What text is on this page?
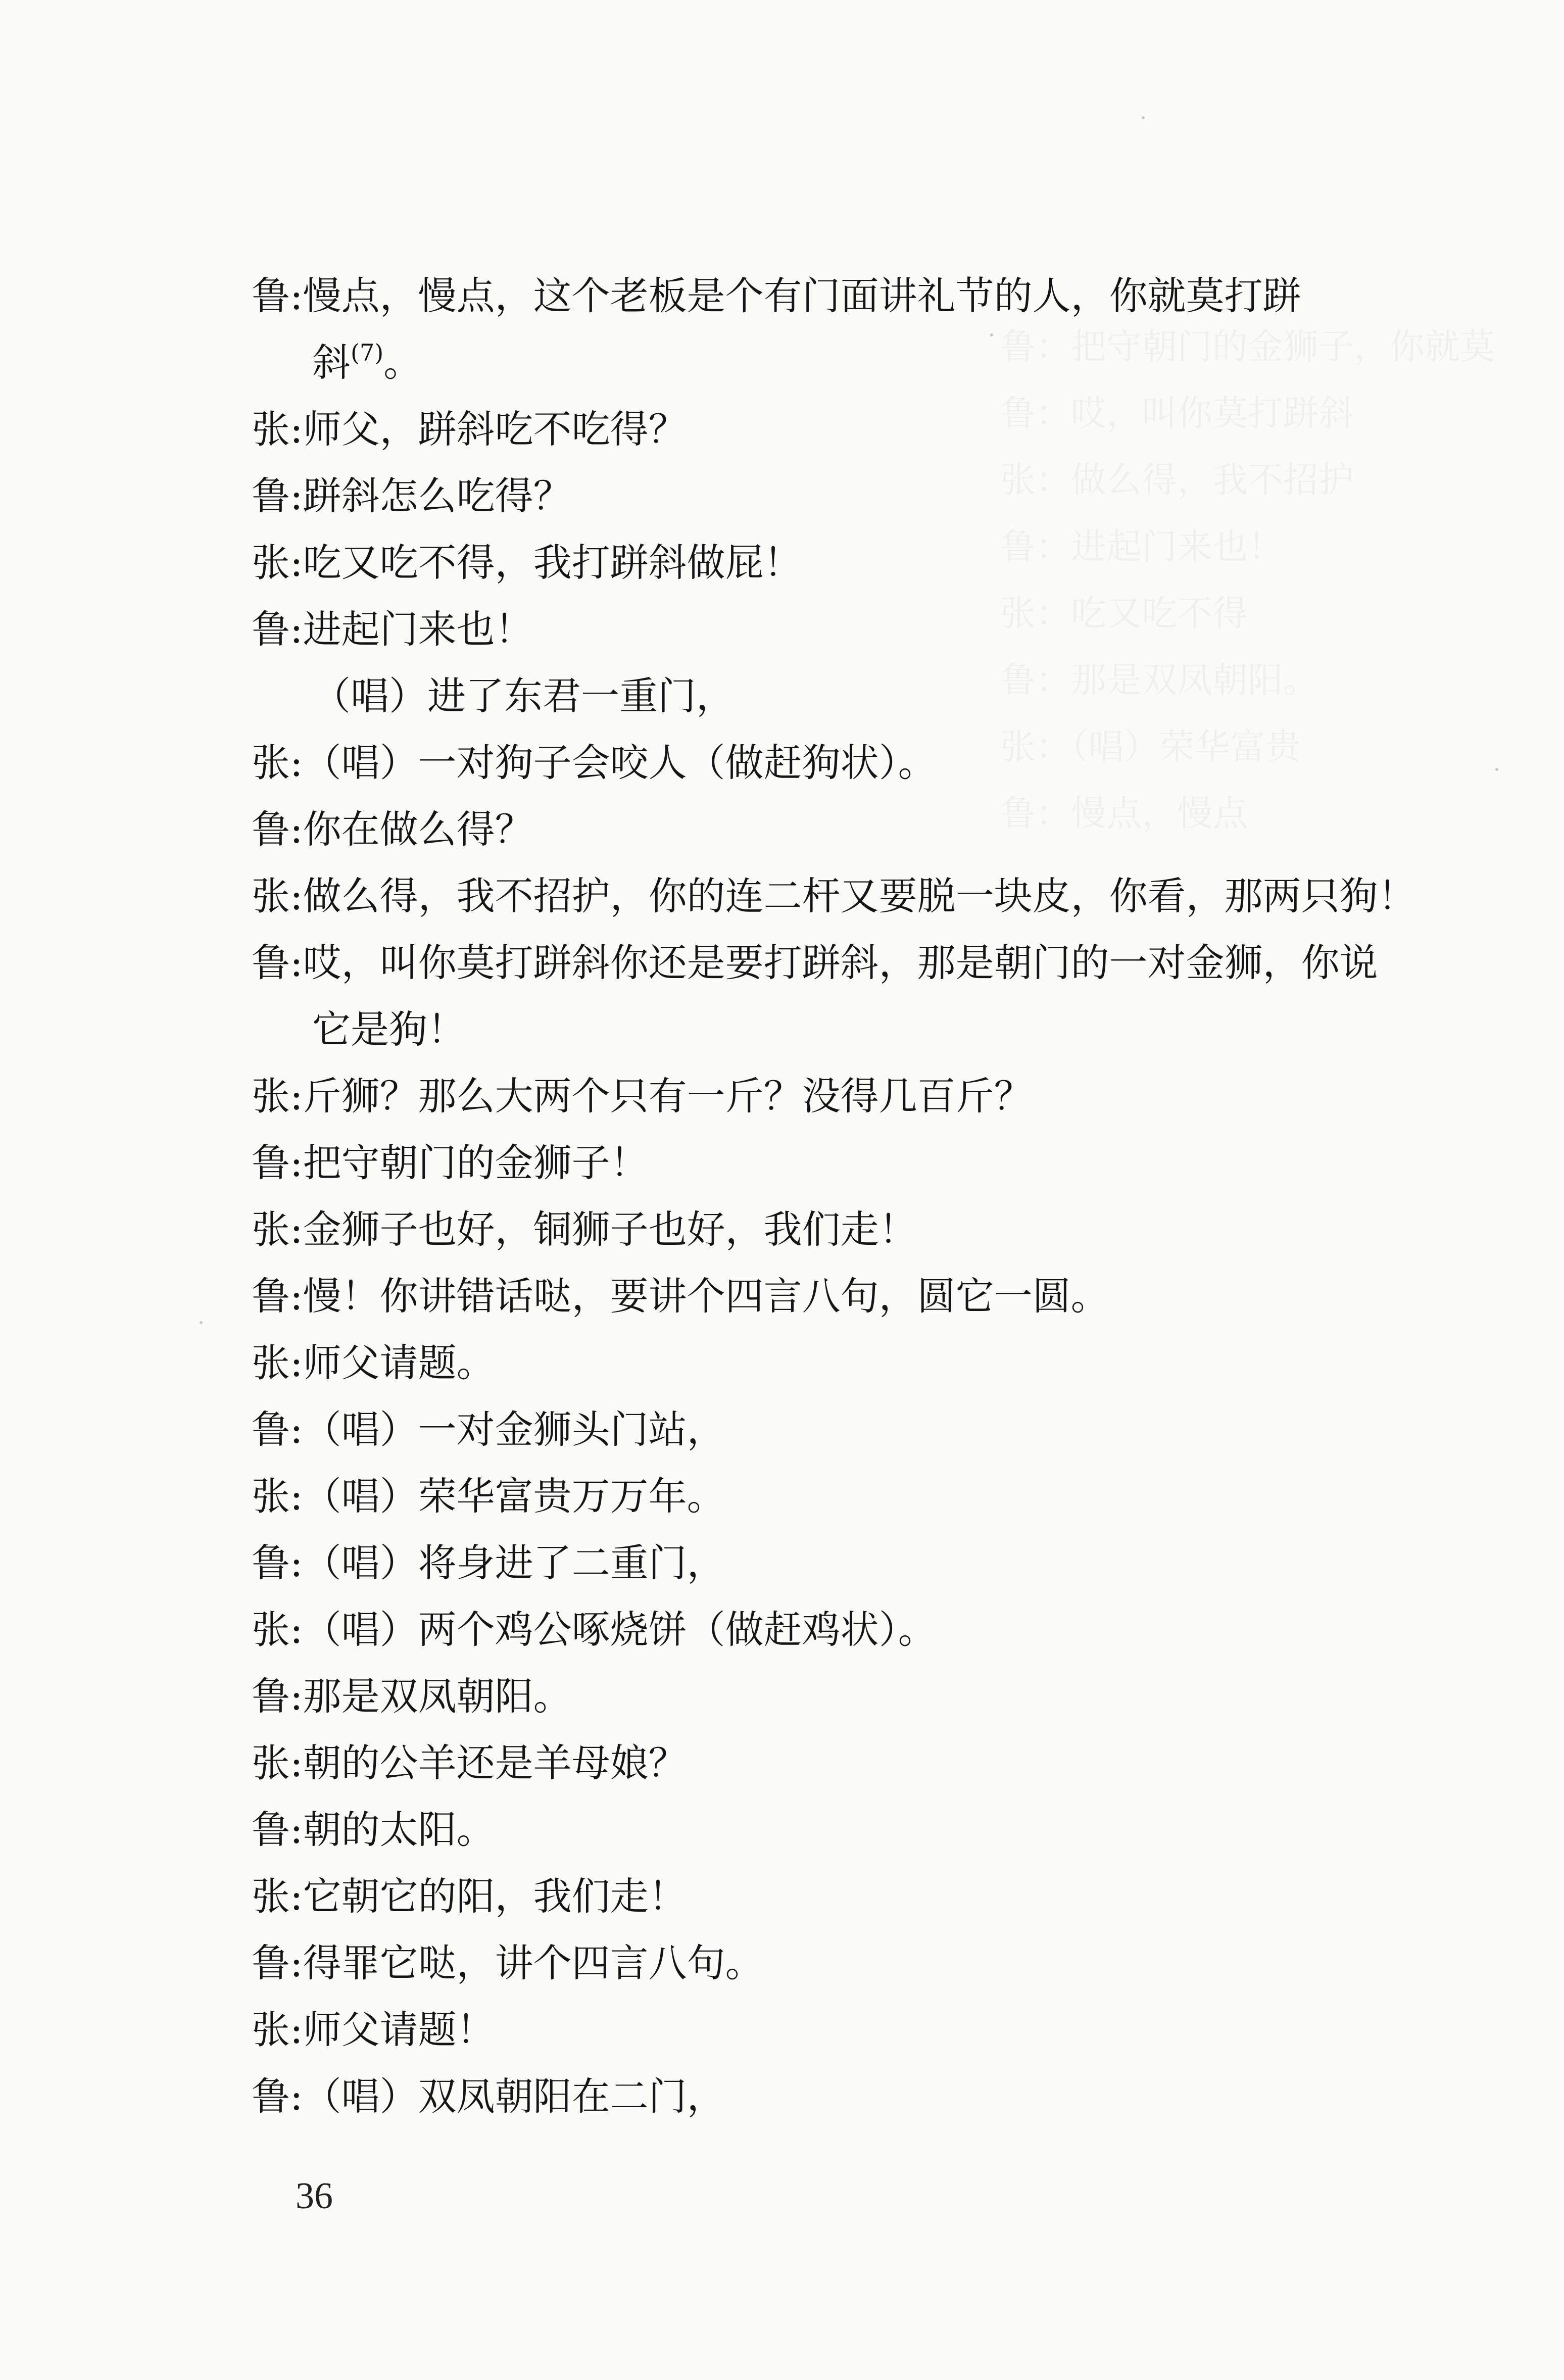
鲁:慢点，慢点，这个老板是个有门面讲礼节的人，你就莫打跰
斜$^{(7)}$。
张:师父，跰斜吃不吃得？
鲁:跰斜怎么吃得？
张:吃又吃不得，我打跰斜做屁！
鲁:进起门来也！
（唱）进了东君一重门，
张:（唱）一对狗子会咬人（做赶狗状）。
鲁:你在做么得？
张:做么得，我不招护，你的连二杆又要脱一块皮，你看，那两只狗！
鲁:哎，叫你莫打跰斜你还是要打跰斜，那是朝门的一对金狮，你说
它是狗！
张:斤狮？那么大两个只有一斤？没得几百斤？
鲁:把守朝门的金狮子！
张:金狮子也好，铜狮子也好，我们走！
鲁:慢！你讲错话哒，要讲个四言八句，圆它一圆。
张:师父请题。
鲁:（唱）一对金狮头门站，
张:（唱）荣华富贵万万年。
鲁:（唱）将身进了二重门，
张:（唱）两个鸡公啄烧饼（做赶鸡状）。
鲁:那是双凤朝阳。
张:朝的公羊还是羊母娘？
鲁:朝的太阳。
张:它朝它的阳，我们走！
鲁:得罪它哒，讲个四言八句。
张:师父请题！
鲁:（唱）双凤朝阳在二门，
36
